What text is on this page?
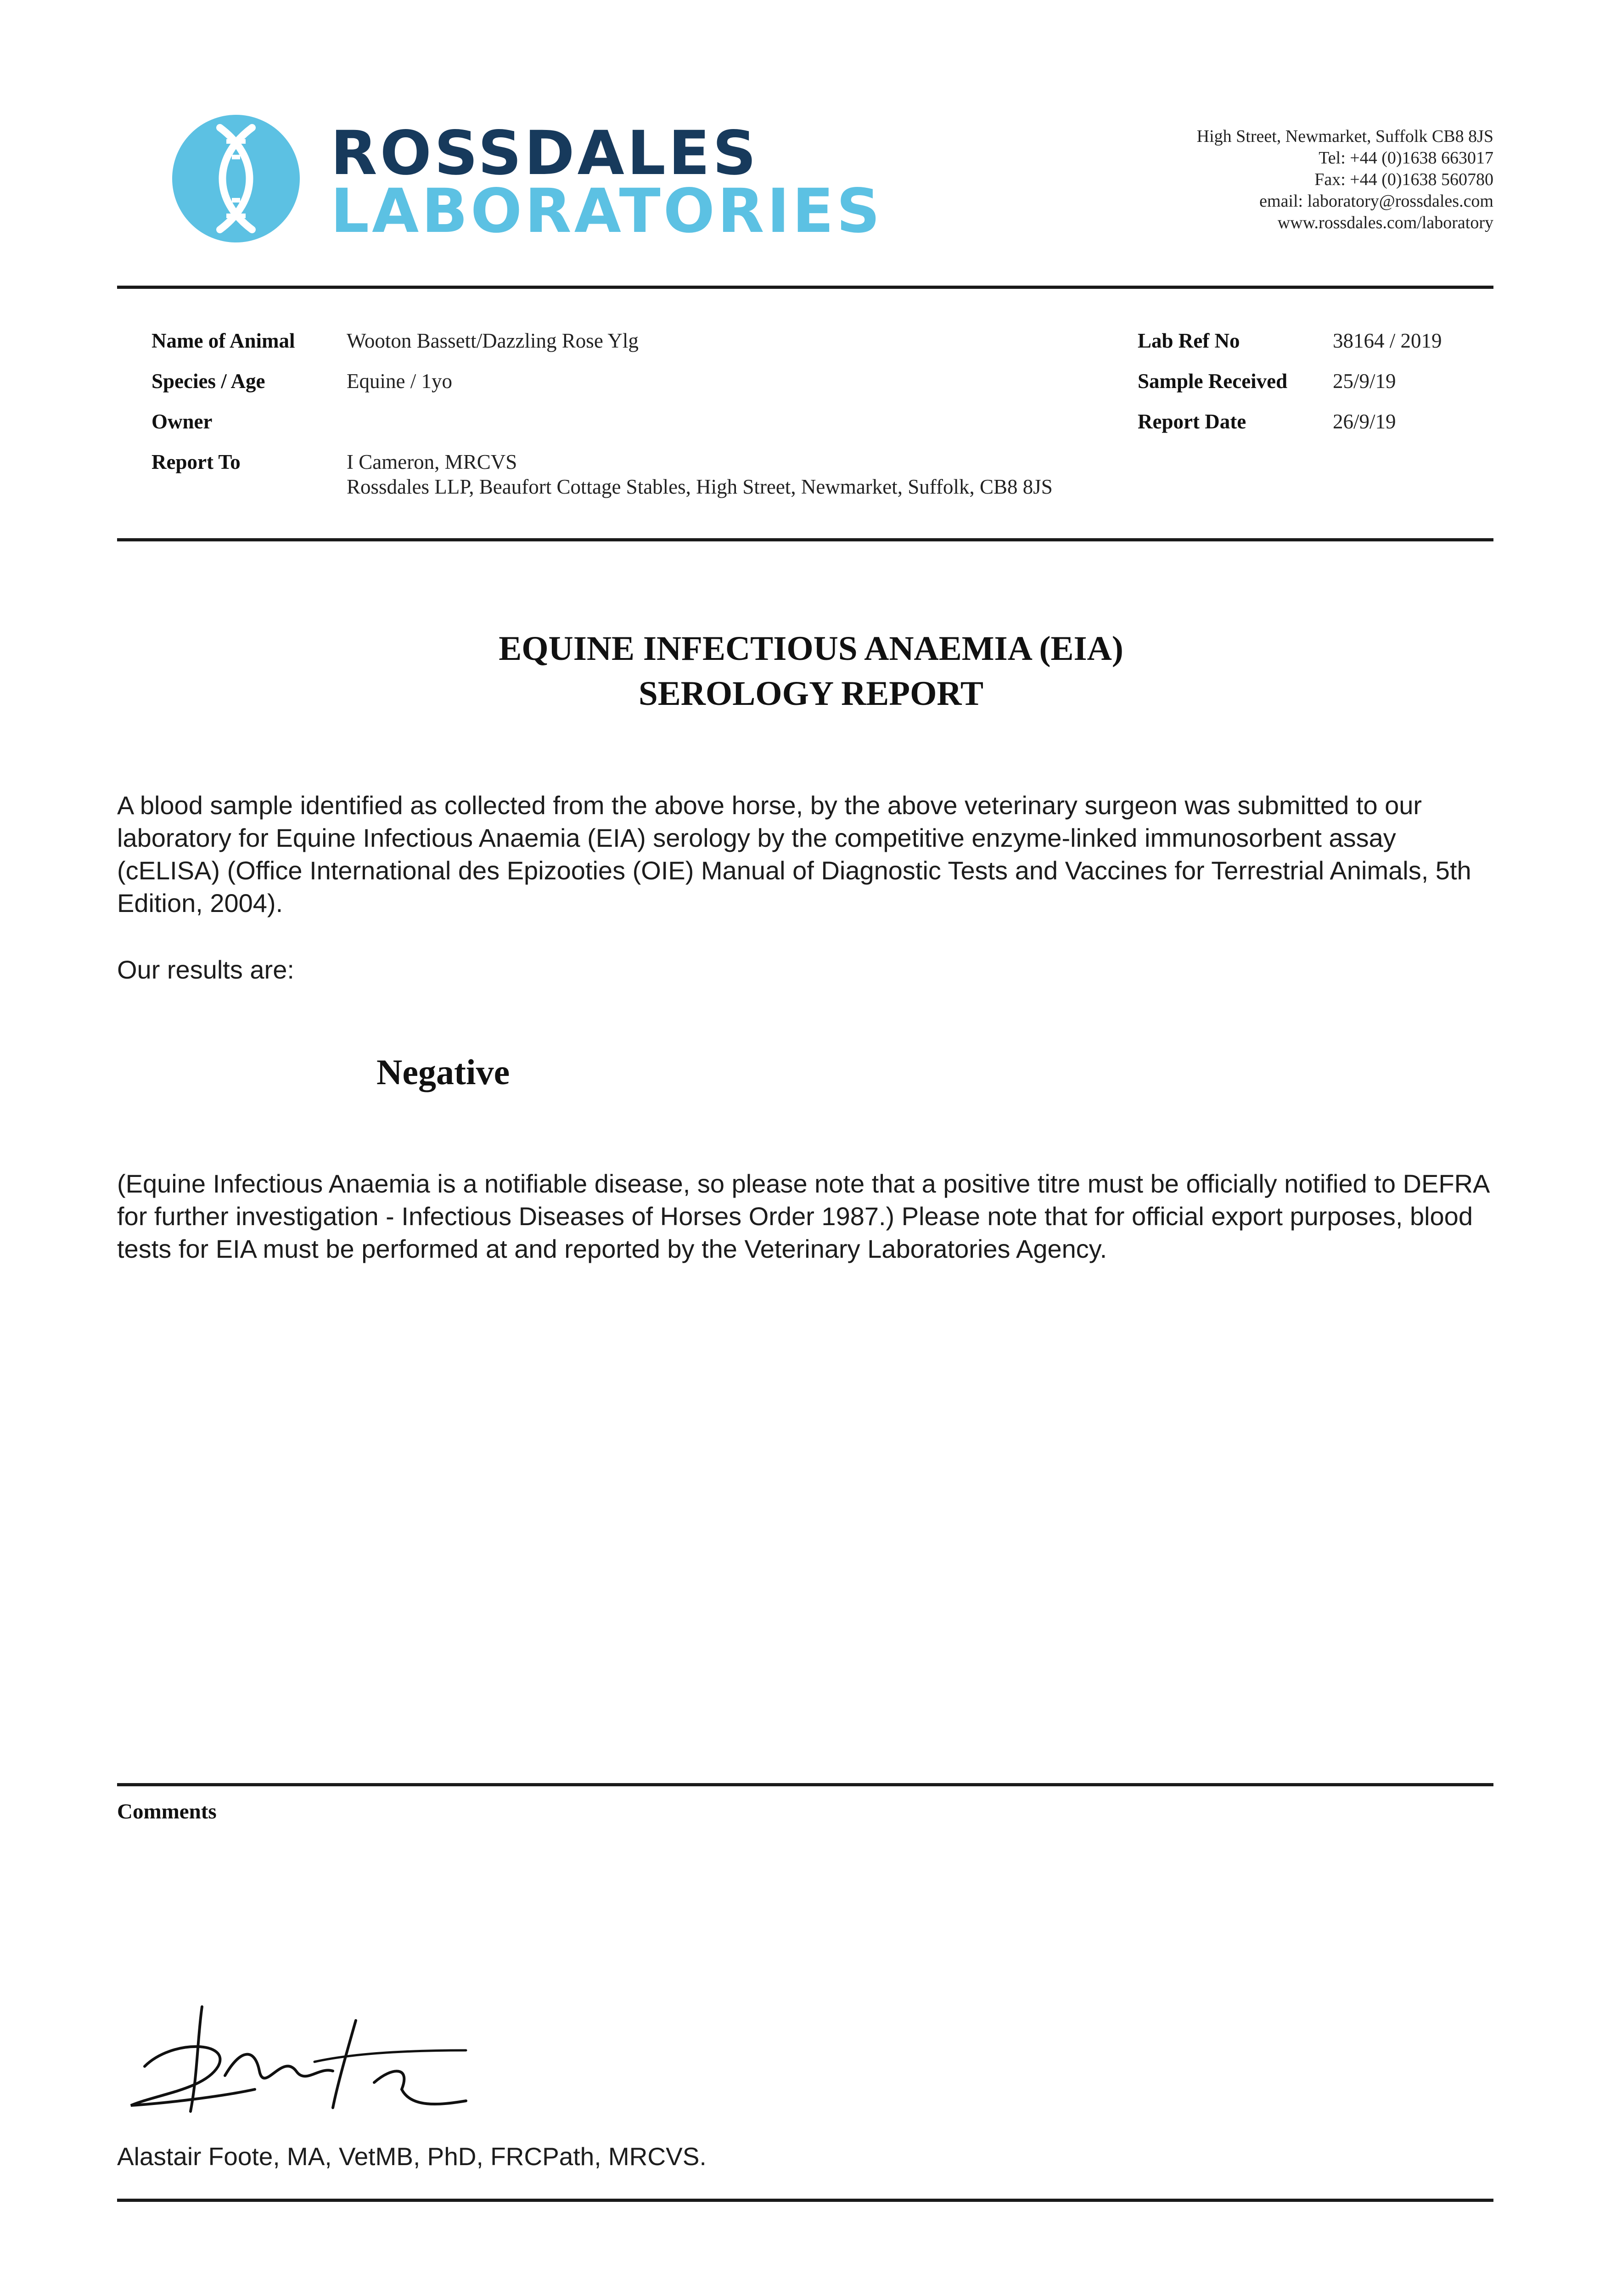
ROSSDALES
LABORATORIES
High Street, Newmarket, Suffolk CB8 8JS
Tel: +44 (0)1638 663017
Fax: +44 (0)1638 560780
email: laboratory@rossdales.com
www.rossdales.com/laboratory
Name of Animal	Wooton Bassett/Dazzling Rose Ylg
Species / Age	Equine / 1yo
Owner
Report To	I Cameron, MRCVS
Rossdales LLP, Beaufort Cottage Stables, High Street, Newmarket, Suffolk, CB8 8JS
Lab Ref No	38164 / 2019
Sample Received 25/9/19
Report Date	26/9/19
EQUINE INFECTIOUS ANAEMIA (EIA)
SEROLOGY REPORT
A blood sample identified as collected from the above horse, by the above veterinary surgeon was submitted to our laboratory for Equine Infectious Anaemia (EIA) serology by the competitive enzyme-linked immunosorbent assay (cELISA) (Office International des Epizooties (OIE) Manual of Diagnostic Tests and Vaccines for Terrestrial Animals, 5th Edition, 2004).
Our results are:
Negative
(Equine Infectious Anaemia is a notifiable disease, so please note that a positive titre must be officially notified to DEFRA for further investigation - Infectious Diseases of Horses Order 1987.) Please note that for official export purposes, blood tests for EIA must be performed at and reported by the Veterinary Laboratories Agency.
Comments
Alastair Foote, MA, VetMB, PhD, FRCPath, MRCVS.
